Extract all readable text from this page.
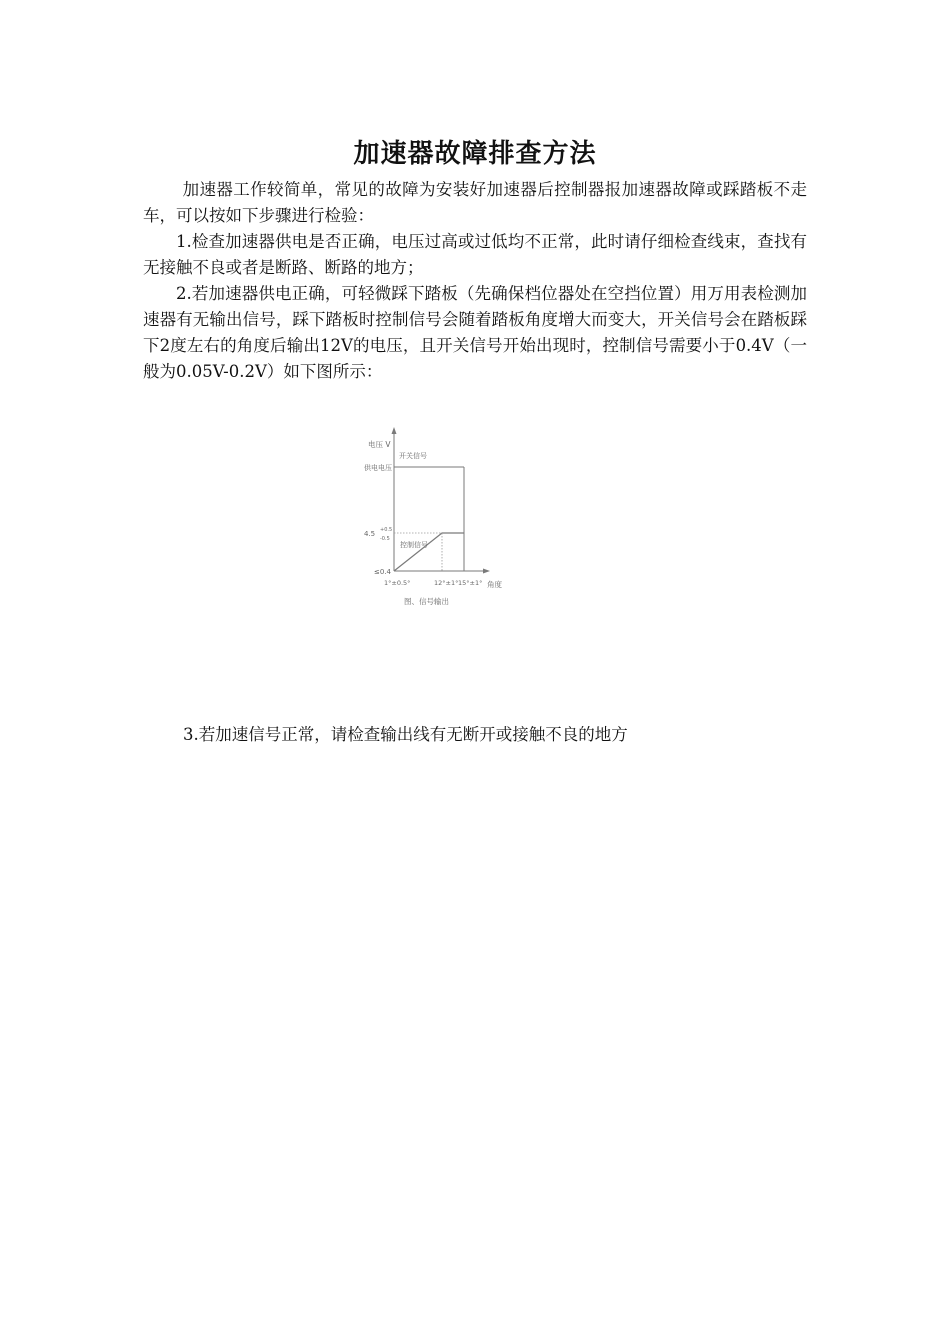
加速器故障排查方法

加速器工作较简单，常见的故障为安装好加速器后控制器报加速器故障或踩踏板不走车，可以按如下步骤进行检验：

1.检查加速器供电是否正确，电压过高或过低均不正常，此时请仔细检查线束，查找有无接触不良或者是断路、断路的地方；

2.若加速器供电正确，可轻微踩下踏板（先确保档位器处在空挡位置）用万用表检测加速器有无输出信号，踩下踏板时控制信号会随着踏板角度增大而变大，开关信号会在踏板踩下2度左右的角度后输出12V的电压，且开关信号开始出现时，控制信号需要小于0.4V（一般为0.05V-0.2V）如下图所示：

电压 V
开关信号
供电电压
4.5 +0.5
-0.5
控制信号
≤0.4
1°±0.5°	12°±1° 15°±1° 角度
图、信号输出
3.若加速信号正常，请检查输出线有无断开或接触不良的地方
